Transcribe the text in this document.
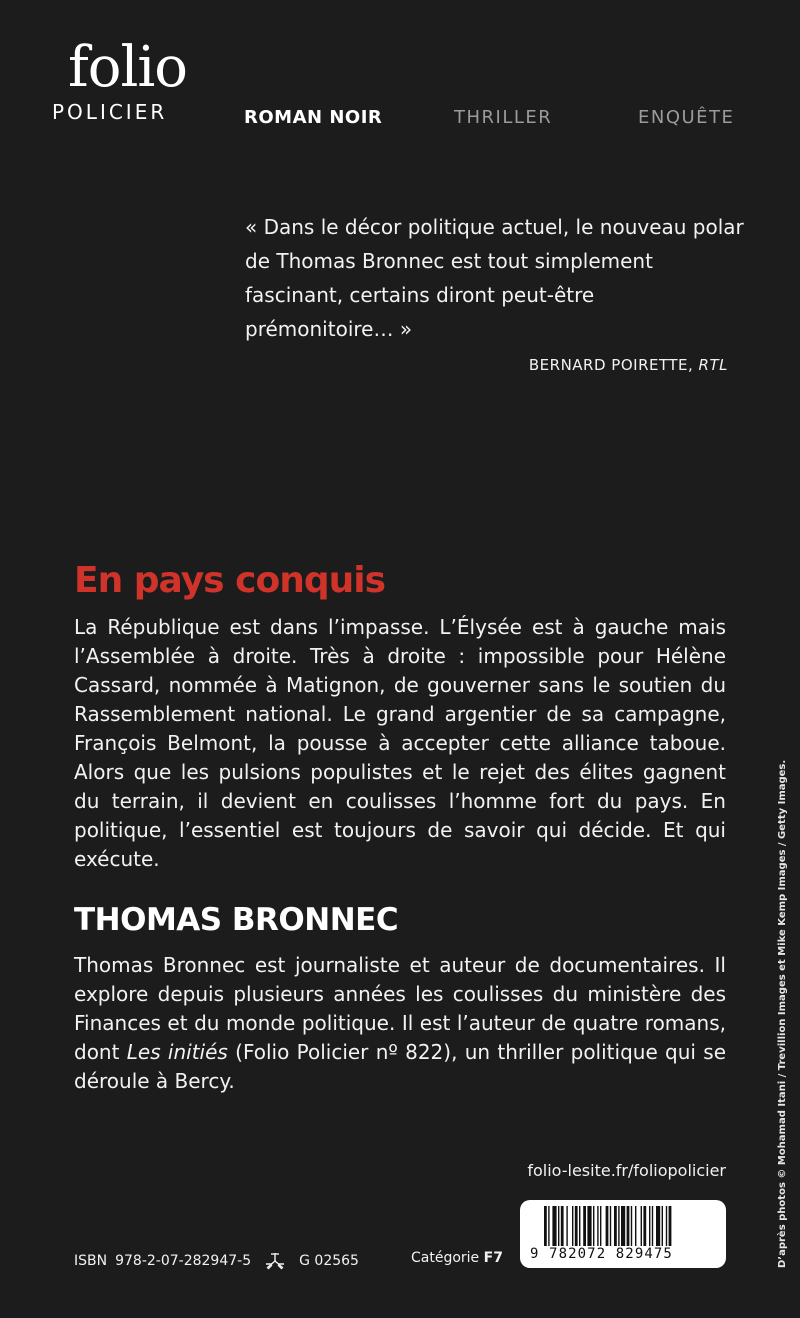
folio
POLICIER	ROMAN NOIR	THRILLER	ENQUÊTE

« Dans le décor politique actuel, le nouveau polar de Thomas Bronnec est tout simplement fascinant, certains diront peut-être prémonitoire… »

BERNARD POIRETTE, RTL
En pays conquis

La République est dans l’impasse. L’Élysée est à gauche mais l’Assemblée à droite. Très à droite : impossible pour Hélène Cassard, nommée à Matignon, de gouverner sans le soutien du Rassemblement national. Le grand argentier de sa campagne, François Belmont, la pousse à accepter cette alliance taboue. Alors que les pulsions populistes et le rejet des élites gagnent du terrain, il devient en coulisses l’homme fort du pays. En politique, l’essentiel est toujours de savoir qui décide. Et qui exécute.

THOMAS BRONNEC

Thomas Bronnec est journaliste et auteur de documentaires. Il explore depuis plusieurs années les coulisses du ministère des Finances et du monde politique. Il est l’auteur de quatre romans, dont Les initiés (Folio Policier nº 822), un thriller politique qui se déroule à Bercy.

folio-lesite.fr/foliopolicier
ISBN 978-2-07-282947-5	G 02565	Catégorie F7 9 782072 829475	D’après photos © Mohamad Itani / Trevillion Images et Mike Kemp Images / Getty Images.
